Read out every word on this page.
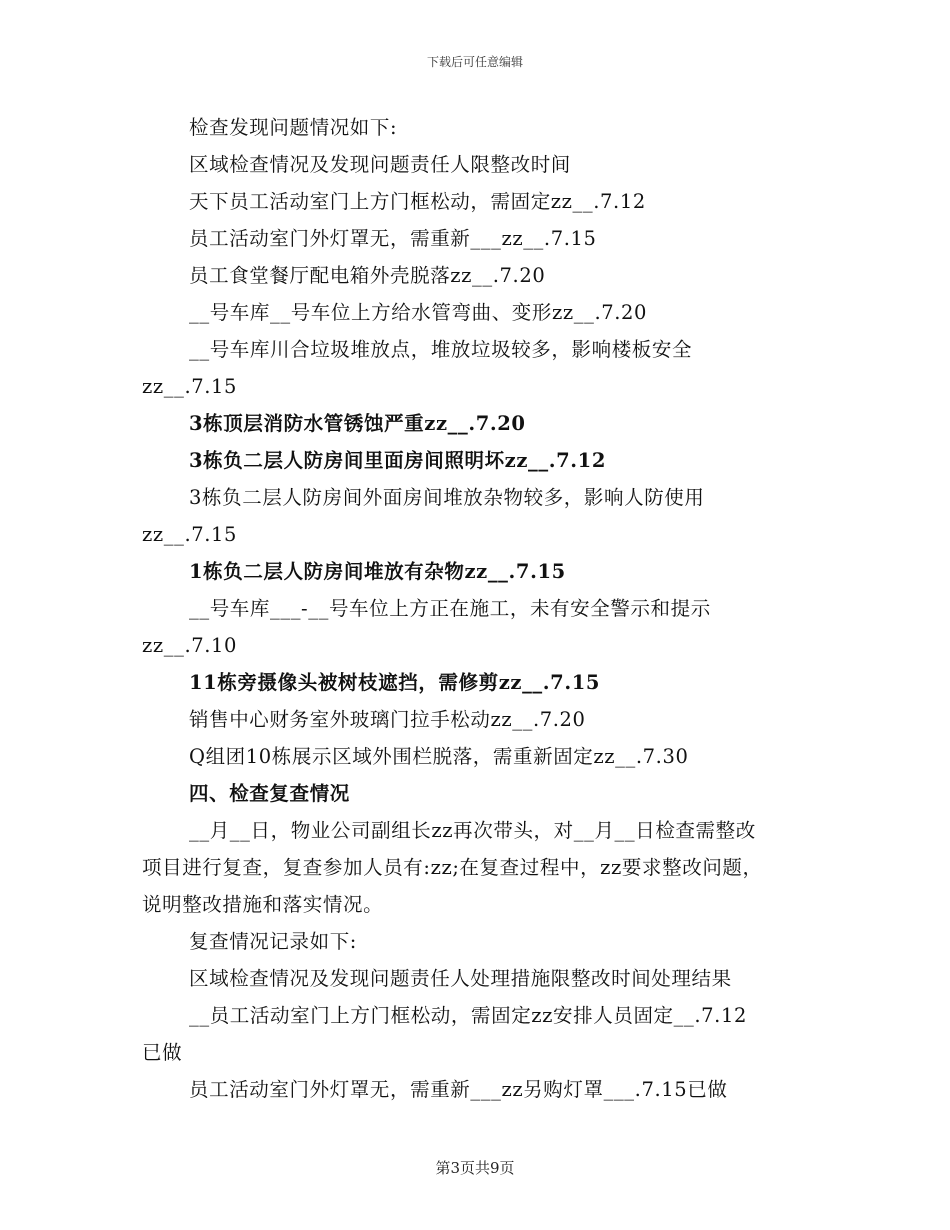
下载后可任意编辑
检查发现问题情况如下:
区域检查情况及发现问题责任人限整改时间
天下员工活动室门上方门框松动，需固定zz__.7.12
员工活动室门外灯罩无，需重新___zz__.7.15
员工食堂餐厅配电箱外壳脱落zz__.7.20
__号车库__号车位上方给水管弯曲、变形zz__.7.20
__号车库川合垃圾堆放点，堆放垃圾较多，影响楼板安全
zz__.7.15
3栋顶层消防水管锈蚀严重zz__.7.20
3栋负二层人防房间里面房间照明坏zz__.7.12
3栋负二层人防房间外面房间堆放杂物较多，影响人防使用
zz__.7.15
1栋负二层人防房间堆放有杂物zz__.7.15
__号车库___-__号车位上方正在施工，未有安全警示和提示
zz__.7.10
11栋旁摄像头被树枝遮挡，需修剪zz__.7.15
销售中心财务室外玻璃门拉手松动zz__.7.20
Q组团10栋展示区域外围栏脱落，需重新固定zz__.7.30
四、检查复查情况
__月__日，物业公司副组长zz再次带头，对__月__日检查需整改
项目进行复查，复查参加人员有:zz;在复查过程中，zz要求整改问题，
说明整改措施和落实情况。
复查情况记录如下:
区域检查情况及发现问题责任人处理措施限整改时间处理结果
__员工活动室门上方门框松动，需固定zz安排人员固定__.7.12
已做
员工活动室门外灯罩无，需重新___zz另购灯罩___.7.15已做
第3页共9页
